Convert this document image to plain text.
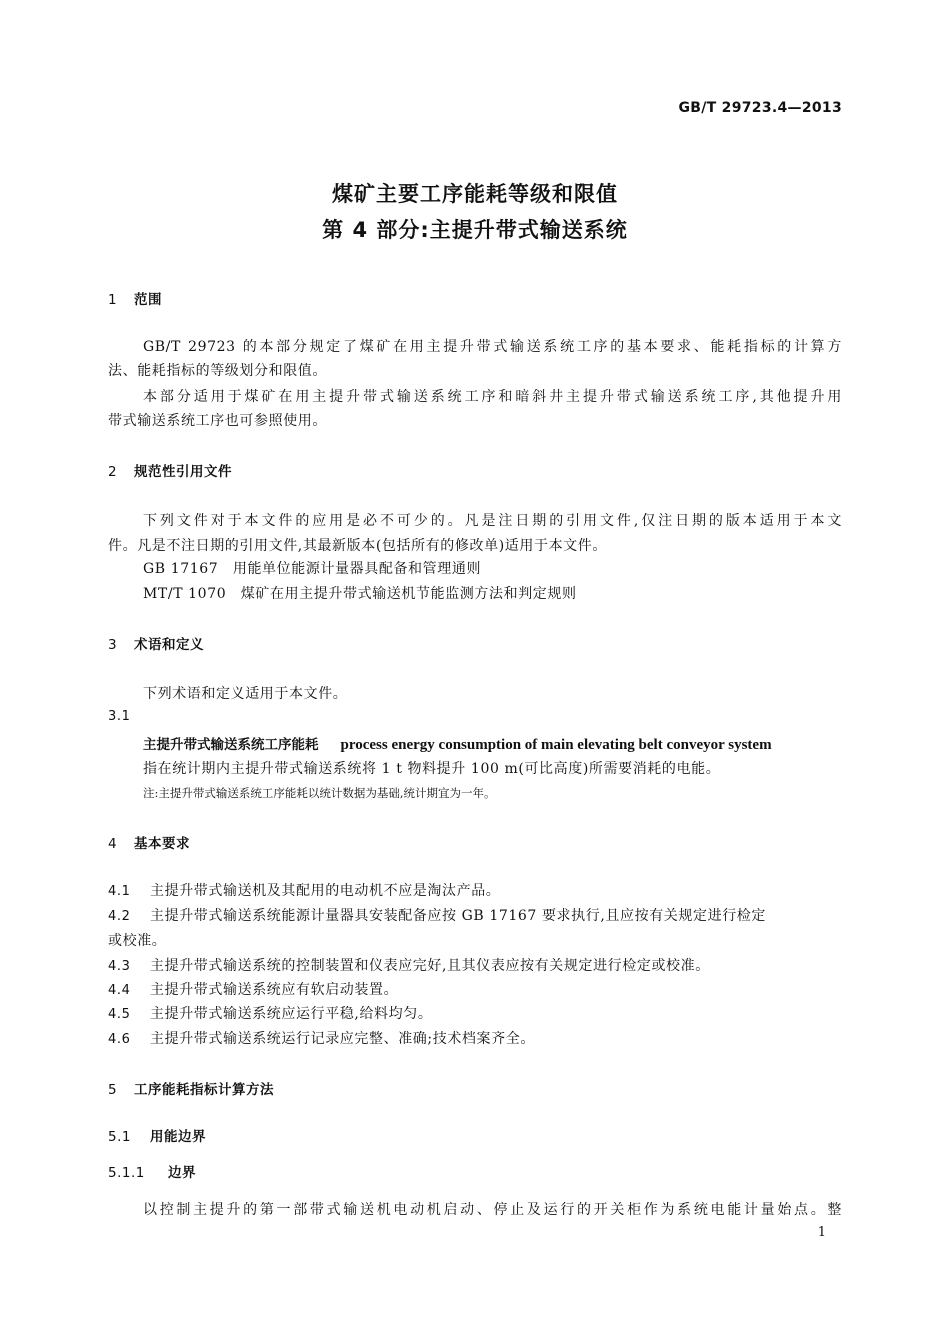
GB/T 29723.4—2013
煤矿主要工序能耗等级和限值
第 4 部分:主提升带式输送系统
1 范围
GB/T 29723 的本部分规定了煤矿在用主提升带式输送系统工序的基本要求、能耗指标的计算方
法、能耗指标的等级划分和限值。
本部分适用于煤矿在用主提升带式输送系统工序和暗斜井主提升带式输送系统工序,其他提升用
带式输送系统工序也可参照使用。
2 规范性引用文件
下列文件对于本文件的应用是必不可少的。凡是注日期的引用文件,仅注日期的版本适用于本文
件。凡是不注日期的引用文件,其最新版本(包括所有的修改单)适用于本文件。
GB 17167　用能单位能源计量器具配备和管理通则
MT/T 1070　煤矿在用主提升带式输送机节能监测方法和判定规则
3 术语和定义
下列术语和定义适用于本文件。
3.1
主提升带式输送系统工序能耗 process energy consumption of main elevating belt conveyor system
指在统计期内主提升带式输送系统将 1 t 物料提升 100 m(可比高度)所需要消耗的电能。
注:主提升带式输送系统工序能耗以统计数据为基础,统计期宜为一年。
4 基本要求
4.1 主提升带式输送机及其配用的电动机不应是淘汰产品。
4.2 主提升带式输送系统能源计量器具安装配备应按 GB 17167 要求执行,且应按有关规定进行检定
或校准。
4.3 主提升带式输送系统的控制装置和仪表应完好,且其仪表应按有关规定进行检定或校准。
4.4 主提升带式输送系统应有软启动装置。
4.5 主提升带式输送系统应运行平稳,给料均匀。
4.6 主提升带式输送系统运行记录应完整、准确;技术档案齐全。
5 工序能耗指标计算方法
5.1 用能边界
5.1.1 边界
以控制主提升的第一部带式输送机电动机启动、停止及运行的开关柜作为系统电能计量始点。整
1
